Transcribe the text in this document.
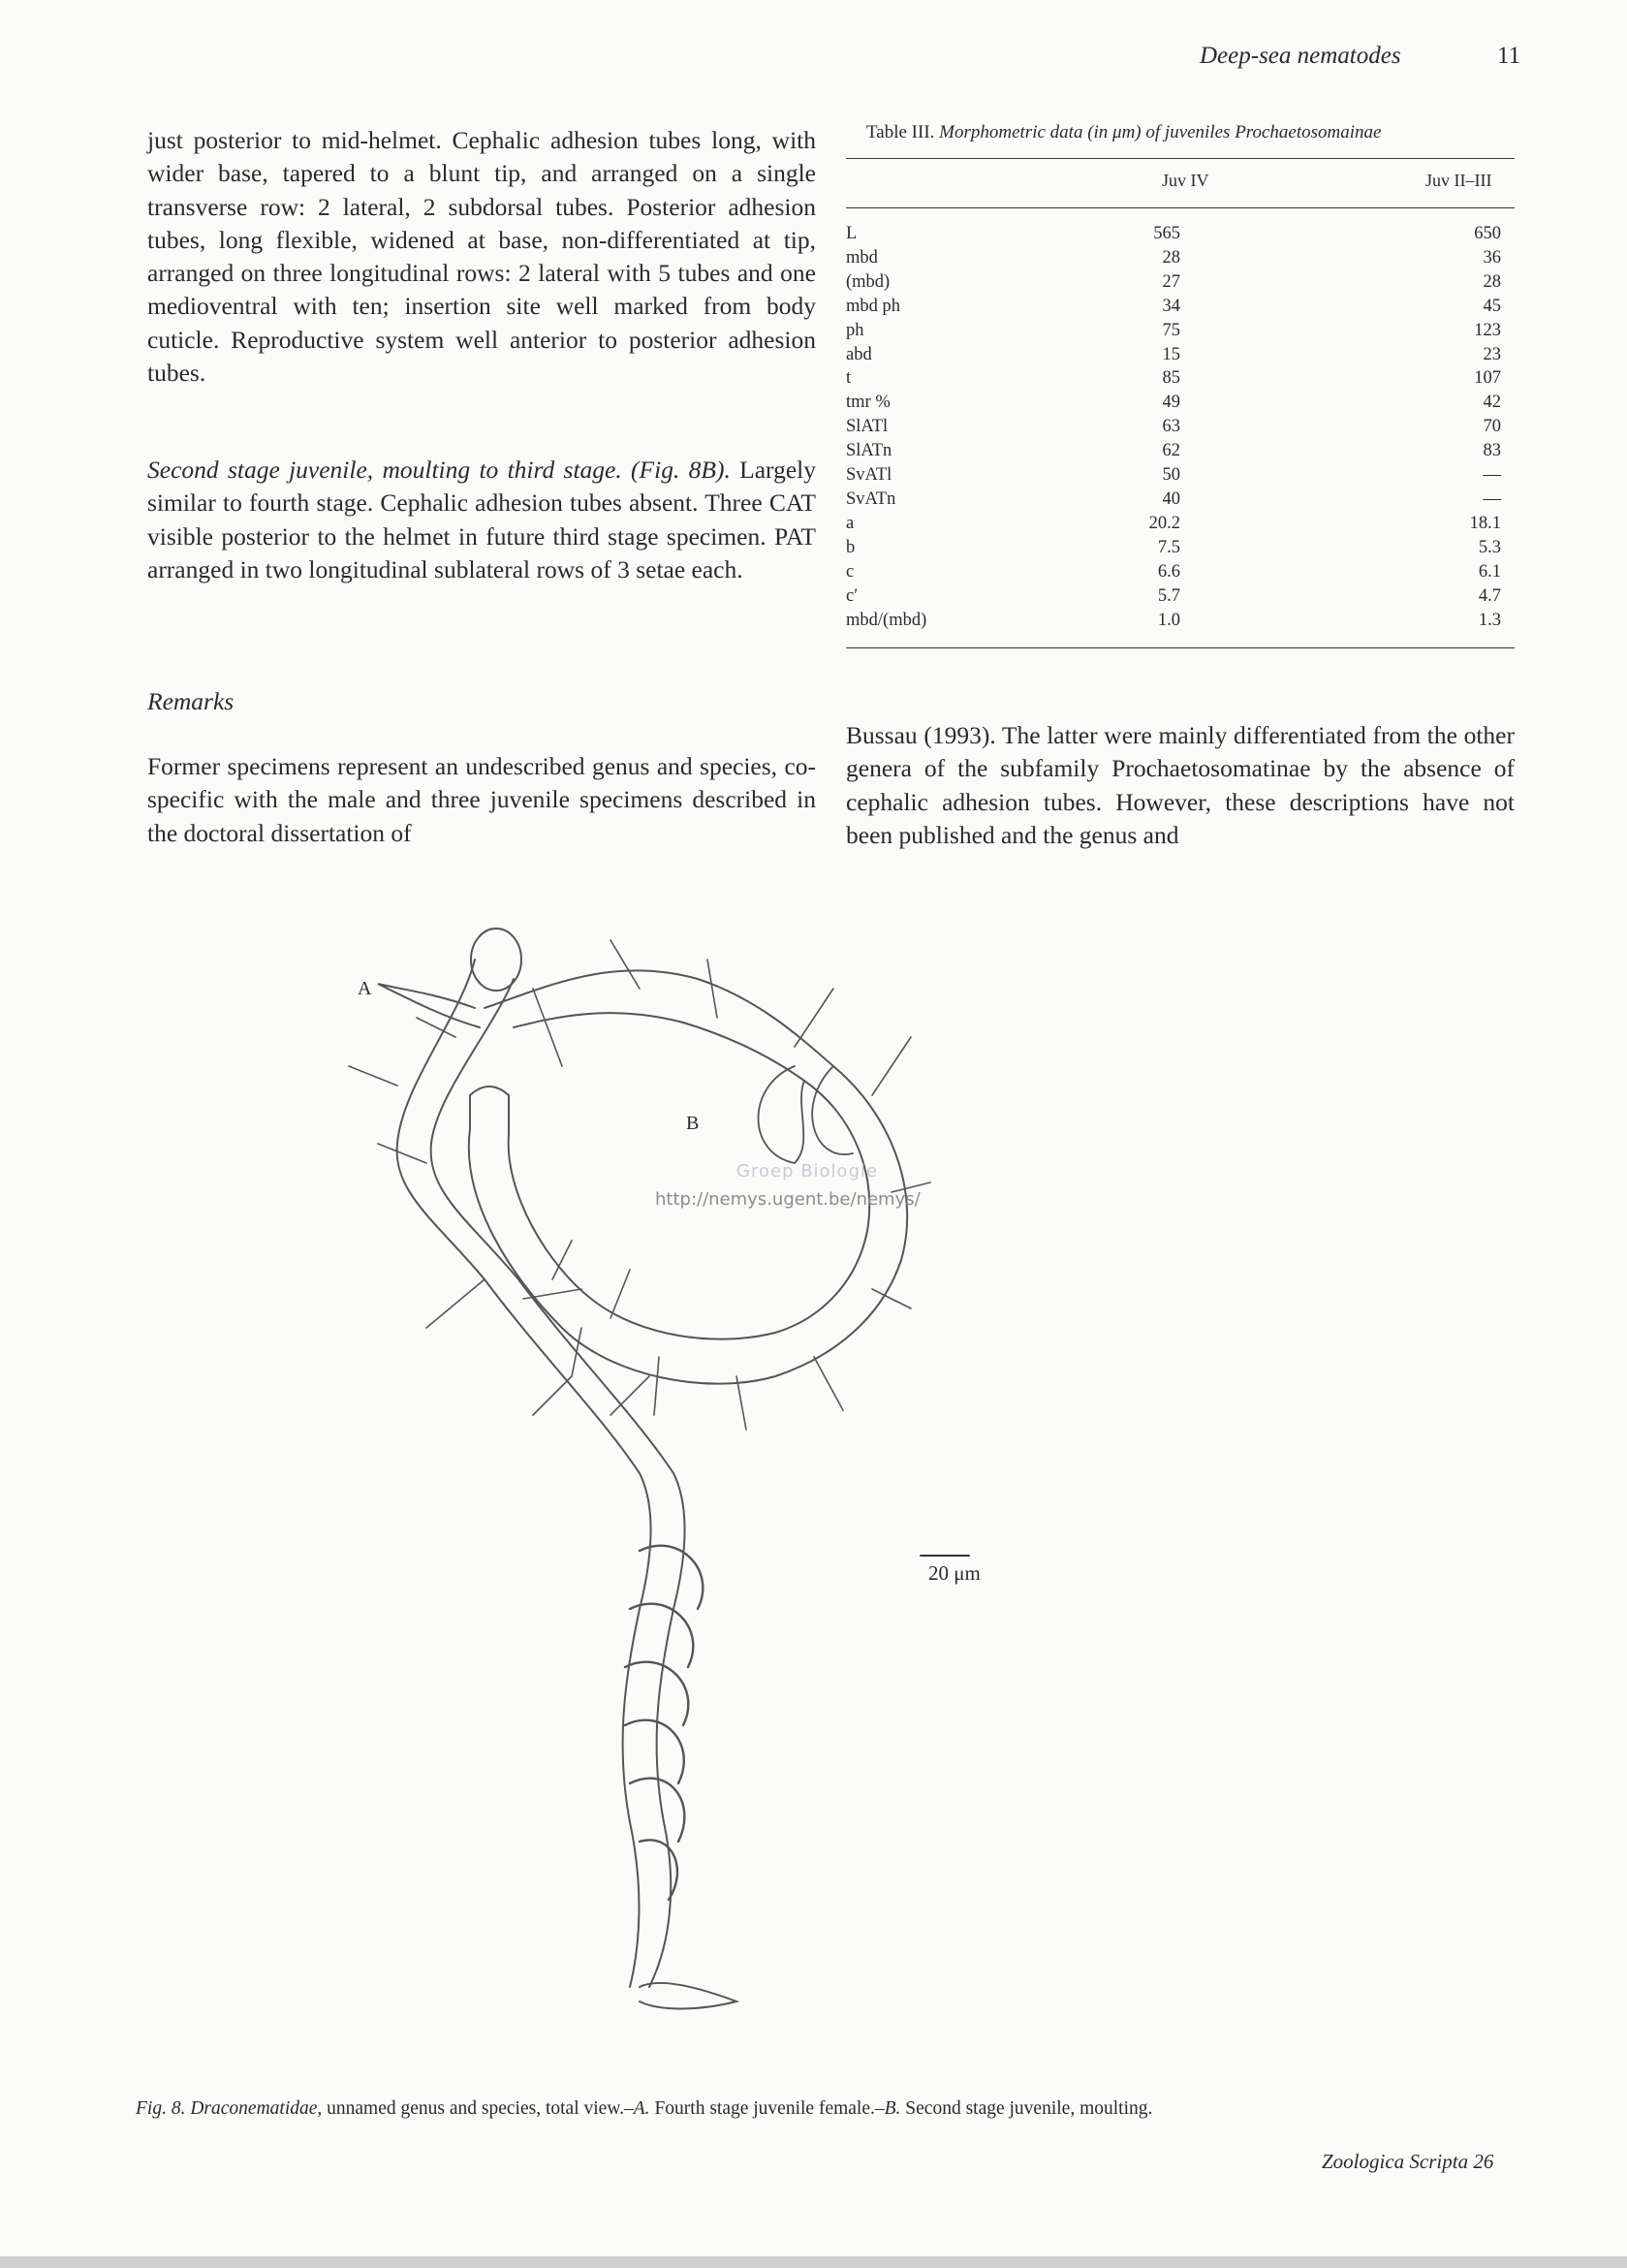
Deep-sea nematodes	11
just posterior to mid-helmet. Cephalic adhesion tubes long, with wider base, tapered to a blunt tip, and arranged on a single transverse row: 2 lateral, 2 subdorsal tubes. Posterior adhesion tubes, long flexible, widened at base, non-differentiated at tip, arranged on three longitudinal rows: 2 lateral with 5 tubes and one medioventral with ten; insertion site well marked from body cuticle. Reproductive system well anterior to posterior adhesion tubes.
Second stage juvenile, moulting to third stage. (Fig. 8B). Largely similar to fourth stage. Cephalic adhesion tubes absent. Three CAT visible posterior to the helmet in future third stage specimen. PAT arranged in two longitudinal sublateral rows of 3 setae each.
Remarks
Former specimens represent an undescribed genus and species, co-specific with the male and three juvenile specimens described in the doctoral dissertation of
Bussau (1993). The latter were mainly differentiated from the other genera of the subfamily Prochaetosomatinae by the absence of cephalic adhesion tubes. However, these descriptions have not been published and the genus and
Table III. Morphometric data (in μm) of juveniles Prochaetosomainae
Juv IV	Juv II–III
L	565	650
mbd	28	36
(mbd)	27	28
mbd ph	34	45
ph	75	123
abd	15	23
t	85	107
tmr %	49	42
SlATl	63	70
SlATn	62	83
SvATl	50	—
SvATn	40	—
a	20.2	18.1
b	7.5	5.3
c	6.6	6.1
c′	5.7	4.7
mbd/(mbd)	1.0	1.3
A
B
20 μm
Groep Biologie
http://nemys.ugent.be/nemys/
Fig. 8. Draconematidae, unnamed genus and species, total view.–A. Fourth stage juvenile female.–B. Second stage juvenile, moulting.
Zoologica Scripta 26
